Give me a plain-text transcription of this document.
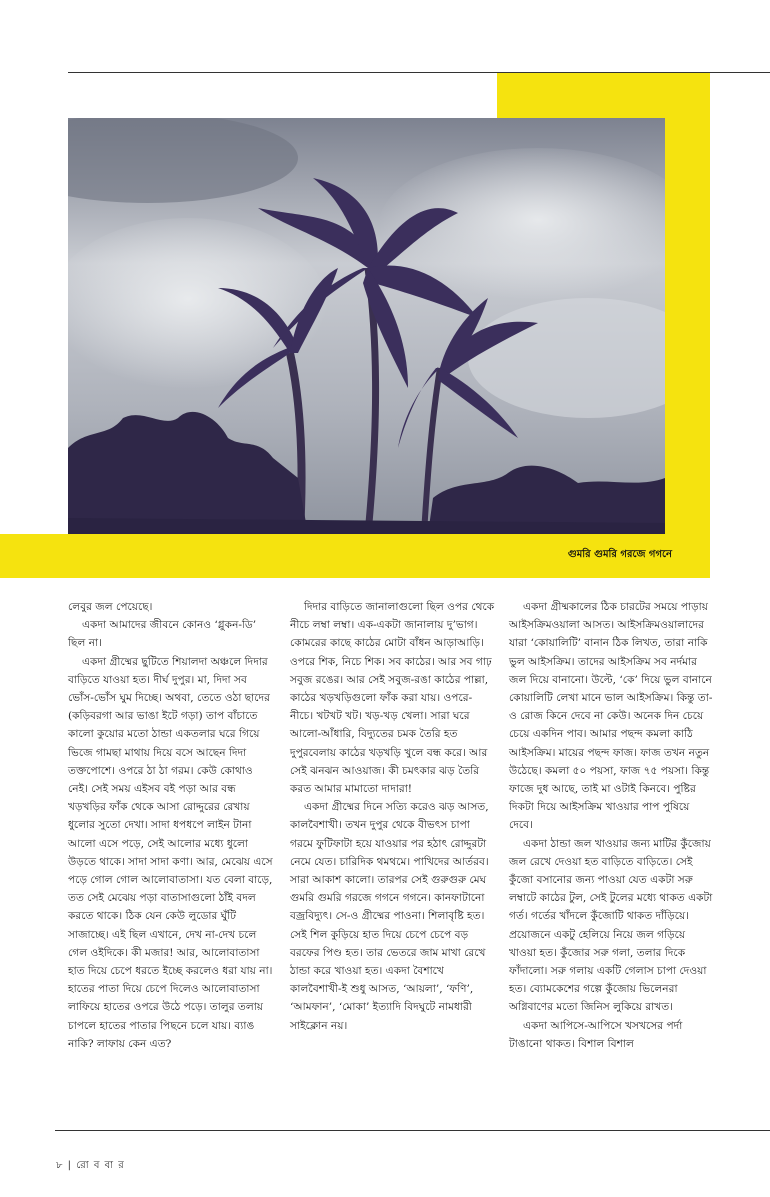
গুমরি গুমরি গরজে গগনে

লেবুর জল পেয়েছে।

একদা আমাদের জীবনে কোনও ‘গ্লুকন-ডি’ ছিল না।

একদা গ্রীষ্মের ছুটিতে শিয়ালদা অঞ্চলে দিদার বাড়িতে যাওয়া হত। দীর্ঘ দুপুর। মা, দিদা সব ভোঁস-ভোঁস ঘুম দিচ্ছে। অথবা, তেতে ওঠা ছাদের (কড়িবরগা আর ভাঙা ইটে গড়া) তাপ বাঁচাতে কালো কুয়োর মতো ঠান্ডা একতলার ঘরে গিয়ে ভিজে গামছা মাথায় দিয়ে বসে আছেন দিদা তক্তপোশে। ওপরে ঠা ঠা গরম। কেউ কোথাও নেই। সেই সময় এইসব বই পড়া আর বন্ধ খড়খড়ির ফাঁক থেকে আসা রোদ্দুরের রেখায় ধুলোর সুতো দেখা। সাদা ধপধপে লাইন টানা আলো এসে পড়ে, সেই আলোর মধ্যে ধুলো উড়তে থাকে। সাদা সাদা কণা। আর, মেঝেয় এসে পড়ে গোল গোল আলোবাতাসা। যত বেলা বাড়ে, তত সেই মেঝেয় পড়া বাতাসাগুলো ঠাঁই বদল করতে থাকে। ঠিক যেন কেউ লুডোর ঘুঁটি সাজাচ্ছে। এই ছিল এখানে, দেখ না-দেখ চলে গেল ওইদিকে। কী মজার! আর, আলোবাতাসা হাত দিয়ে চেপে ধরতে ইচ্ছে করলেও ধরা যায় না। হাতের পাতা দিয়ে চেপে দিলেও আলোবাতাসা লাফিয়ে হাতের ওপরে উঠে পড়ে। তালুর তলায় চাপলে হাতের পাতার পিছনে চলে যায়। ব্যাঙ নাকি? লাফায় কেন এত?

দিদার বাড়িতে জানালাগুলো ছিল ওপর থেকে নীচে লম্বা লম্বা। এক-একটা জানালায় দু’ভাগ। কোমরের কাছে কাঠের মোটা বাঁধন আড়াআড়ি। ওপরে শিক, নিচে শিক। সব কাঠের। আর সব গাঢ় সবুজ রঙের। আর সেই সবুজ-রঙা কাঠের পাল্লা, কাঠের খড়খড়িগুলো ফাঁক করা যায়। ওপরে-নীচে। খটখট খট। খড়-খড় খেলা। সারা ঘরে আলো-আঁধারি, বিদ্যুতের চমক তৈরি হত দুপুরবেলায় কাঠের খড়খড়ি খুলে বন্ধ করে। আর সেই ঝনঝন আওয়াজ। কী চমৎকার ঝড় তৈরি করত আমার মামাতো দাদারা!

একদা গ্রীষ্মের দিনে সত্যি করেও ঝড় আসত, কালবৈশাখী। তখন দুপুর থেকে বীভৎস চাপা গরমে ফুটিফাটা হয়ে যাওয়ার পর হঠাৎ রোদ্দুরটা নেমে যেত। চারিদিক থমথমে। পাখিদের আর্তরব। সারা আকাশ কালো। তারপর সেই গুরুগুরু মেঘ গুমরি গুমরি গরজে গগনে গগনে। কানফাটানো বজ্রবিদ্যুৎ। সে-ও গ্রীষ্মের পাওনা। শিলাবৃষ্টি হত। সেই শিল কুড়িয়ে হাত দিয়ে চেপে চেপে বড় বরফের পিণ্ড হত। তার ভেতরে জাম মাখা রেখে ঠান্ডা করে খাওয়া হত। একদা বৈশাখে কালবৈশাখী-ই শুধু আসত, ‘আয়লা’, ‘ফণি’, ‘আমফান’, ‘মোকা’ ইত্যাদি বিদঘুটে নামধারী সাইক্লোন নয়।

একদা গ্রীষ্মকালের ঠিক চারটের সময়ে পাড়ায় আইসক্রিমওয়ালা আসত। আইসক্রিমওয়ালাদের যারা ‘কোয়ালিটি’ বানান ঠিক লিখত, তারা নাকি ভুল আইসক্রিম। তাদের আইসক্রিম সব নর্দমার জল দিয়ে বানানো। উল্টে, ‘কে’ দিয়ে ভুল বানানে কোয়ালিটি লেখা মানে ভাল আইসক্রিম। কিন্তু তা-ও রোজ কিনে দেবে না কেউ। অনেক দিন চেয়ে চেয়ে একদিন পাব। আমার পছন্দ কমলা কাঠি আইসক্রিম। মায়ের পছন্দ ফাজ। ফাজ তখন নতুন উঠেছে। কমলা ৫০ পয়সা, ফাজ ৭৫ পয়সা। কিন্তু ফাজে দুধ আছে, তাই মা ওটাই কিনবে। পুষ্টির দিকটা দিয়ে আইসক্রিম খাওয়ার পাপ পুষিয়ে দেবে।

একদা ঠান্ডা জল খাওয়ার জন্য মাটির কুঁজোয় জল রেখে দেওয়া হত বাড়িতে বাড়িতে। সেই কুঁজো বসানোর জন্য পাওয়া যেত একটা সরু লম্বাটে কাঠের টুল, সেই টুলের মধ্যে থাকত একটা গর্ত। গর্তের খাঁদলে কুঁজোটি থাকত দাঁড়িয়ে। প্রয়োজনে একটু হেলিয়ে নিয়ে জল গড়িয়ে খাওয়া হত। কুঁজোর সরু গলা, তলার দিকে ফাঁদালো। সরু গলায় একটি গেলাস চাপা দেওয়া হত। ব্যোমকেশের গল্পে কুঁজোয় ভিলেনরা অগ্নিবাণের মতো জিনিস লুকিয়ে রাখত।

একদা আপিসে-আপিসে খসখসের পর্দা টাঙানো থাকত। বিশাল বিশাল

৮ | রো ব বা র
